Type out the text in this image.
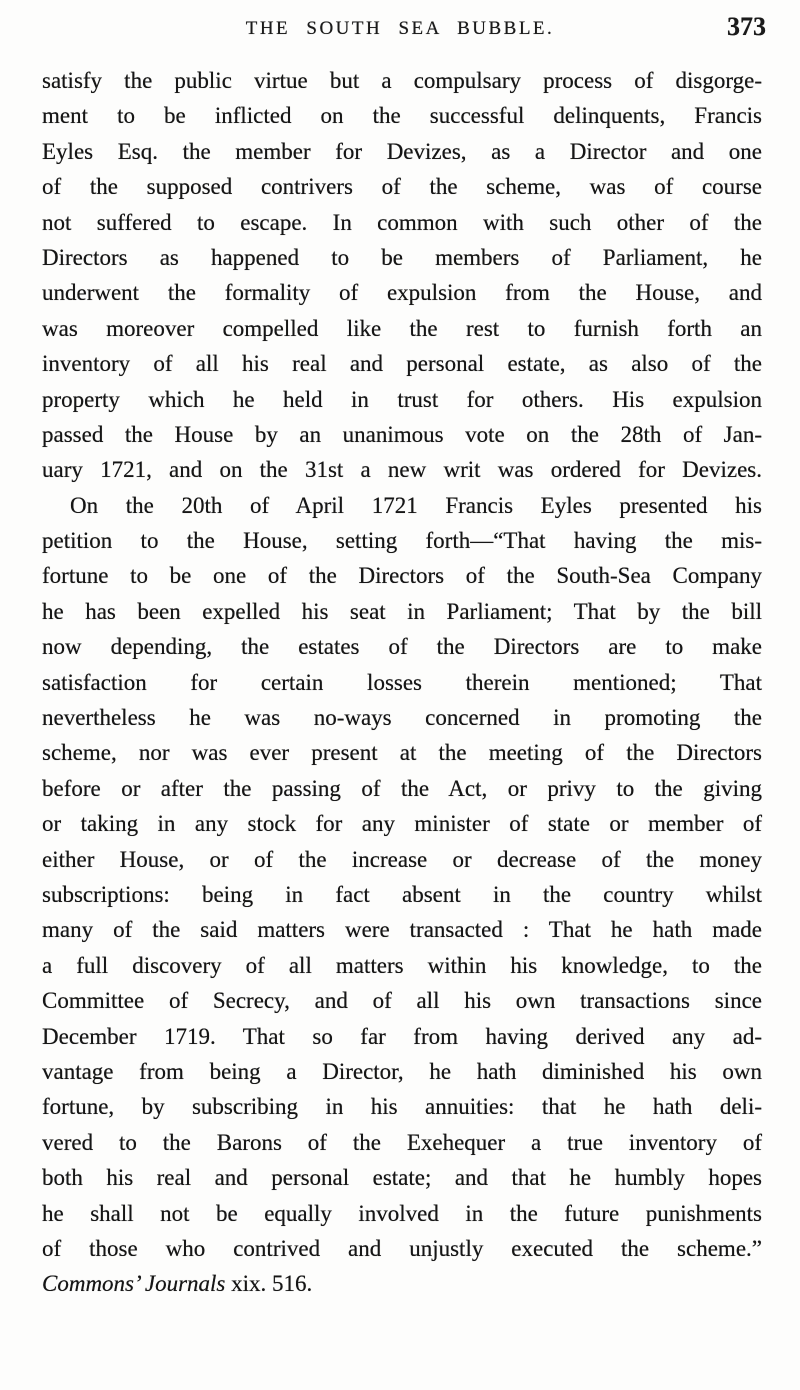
THE SOUTH SEA BUBBLE.	373
satisfy the public virtue but a compulsary process of disgorge-
ment to be inflicted on the successful delinquents, Francis
Eyles Esq. the member for Devizes, as a Director and one
of the supposed contrivers of the scheme, was of course
not suffered to escape. In common with such other of the
Directors as happened to be members of Parliament, he
underwent the formality of expulsion from the House, and
was moreover compelled like the rest to furnish forth an
inventory of all his real and personal estate, as also of the
property which he held in trust for others. His expulsion
passed the House by an unanimous vote on the 28th of Jan-
uary 1721, and on the 31st a new writ was ordered for Devizes.
On the 20th of April 1721 Francis Eyles presented his
petition to the House, setting forth—“That having the mis-
fortune to be one of the Directors of the South-Sea Company
he has been expelled his seat in Parliament; That by the bill
now depending, the estates of the Directors are to make
satisfaction for certain losses therein mentioned; That
nevertheless he was no-ways concerned in promoting the
scheme, nor was ever present at the meeting of the Directors
before or after the passing of the Act, or privy to the giving
or taking in any stock for any minister of state or member of
either House, or of the increase or decrease of the money
subscriptions: being in fact absent in the country whilst
many of the said matters were transacted : That he hath made
a full discovery of all matters within his knowledge, to the
Committee of Secrecy, and of all his own transactions since
December 1719. That so far from having derived any ad-
vantage from being a Director, he hath diminished his own
fortune, by subscribing in his annuities: that he hath deli-
vered to the Barons of the Exehequer a true inventory of
both his real and personal estate; and that he humbly hopes
he shall not be equally involved in the future punishments
of those who contrived and unjustly executed the scheme.”
Commons’ Journals xix. 516.
